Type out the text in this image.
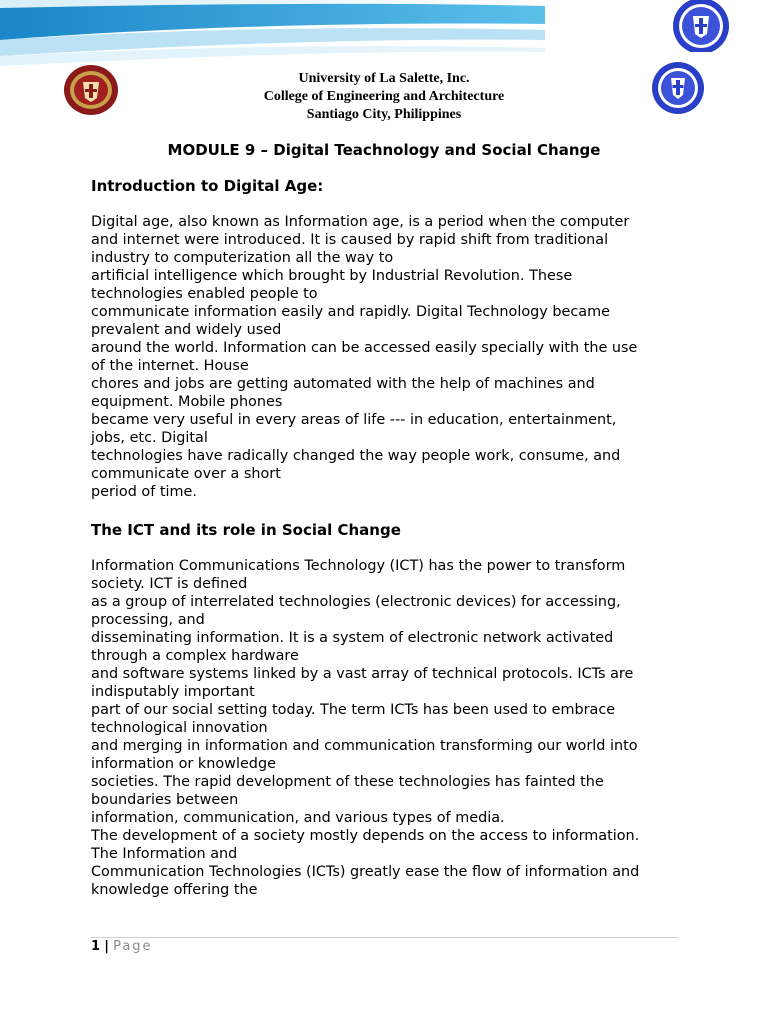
University of La Salette, Inc.
College of Engineering and Architecture
Santiago City, Philippines
MODULE 9 – Digital Teachnology and Social Change
Introduction to Digital Age:
Digital age, also known as Information age, is a period when the computer
and internet were introduced. It is caused by rapid shift from traditional
industry to computerization all the way to
artificial intelligence which brought by Industrial Revolution. These
technologies enabled people to
communicate information easily and rapidly. Digital Technology became
prevalent and widely used
around the world. Information can be accessed easily specially with the use
of the internet. House
chores and jobs are getting automated with the help of machines and
equipment. Mobile phones
became very useful in every areas of life --- in education, entertainment,
jobs, etc. Digital
technologies have radically changed the way people work, consume, and
communicate over a short
period of time.
The ICT and its role in Social Change
Information Communications Technology (ICT) has the power to transform
society. ICT is defined
as a group of interrelated technologies (electronic devices) for accessing,
processing, and
disseminating information. It is a system of electronic network activated
through a complex hardware
and software systems linked by a vast array of technical protocols. ICTs are
indisputably important
part of our social setting today. The term ICTs has been used to embrace
technological innovation
and merging in information and communication transforming our world into
information or knowledge
societies. The rapid development of these technologies has fainted the
boundaries between
information, communication, and various types of media.
The development of a society mostly depends on the access to information.
The Information and
Communication Technologies (ICTs) greatly ease the flow of information and
knowledge offering the
1 | Page
